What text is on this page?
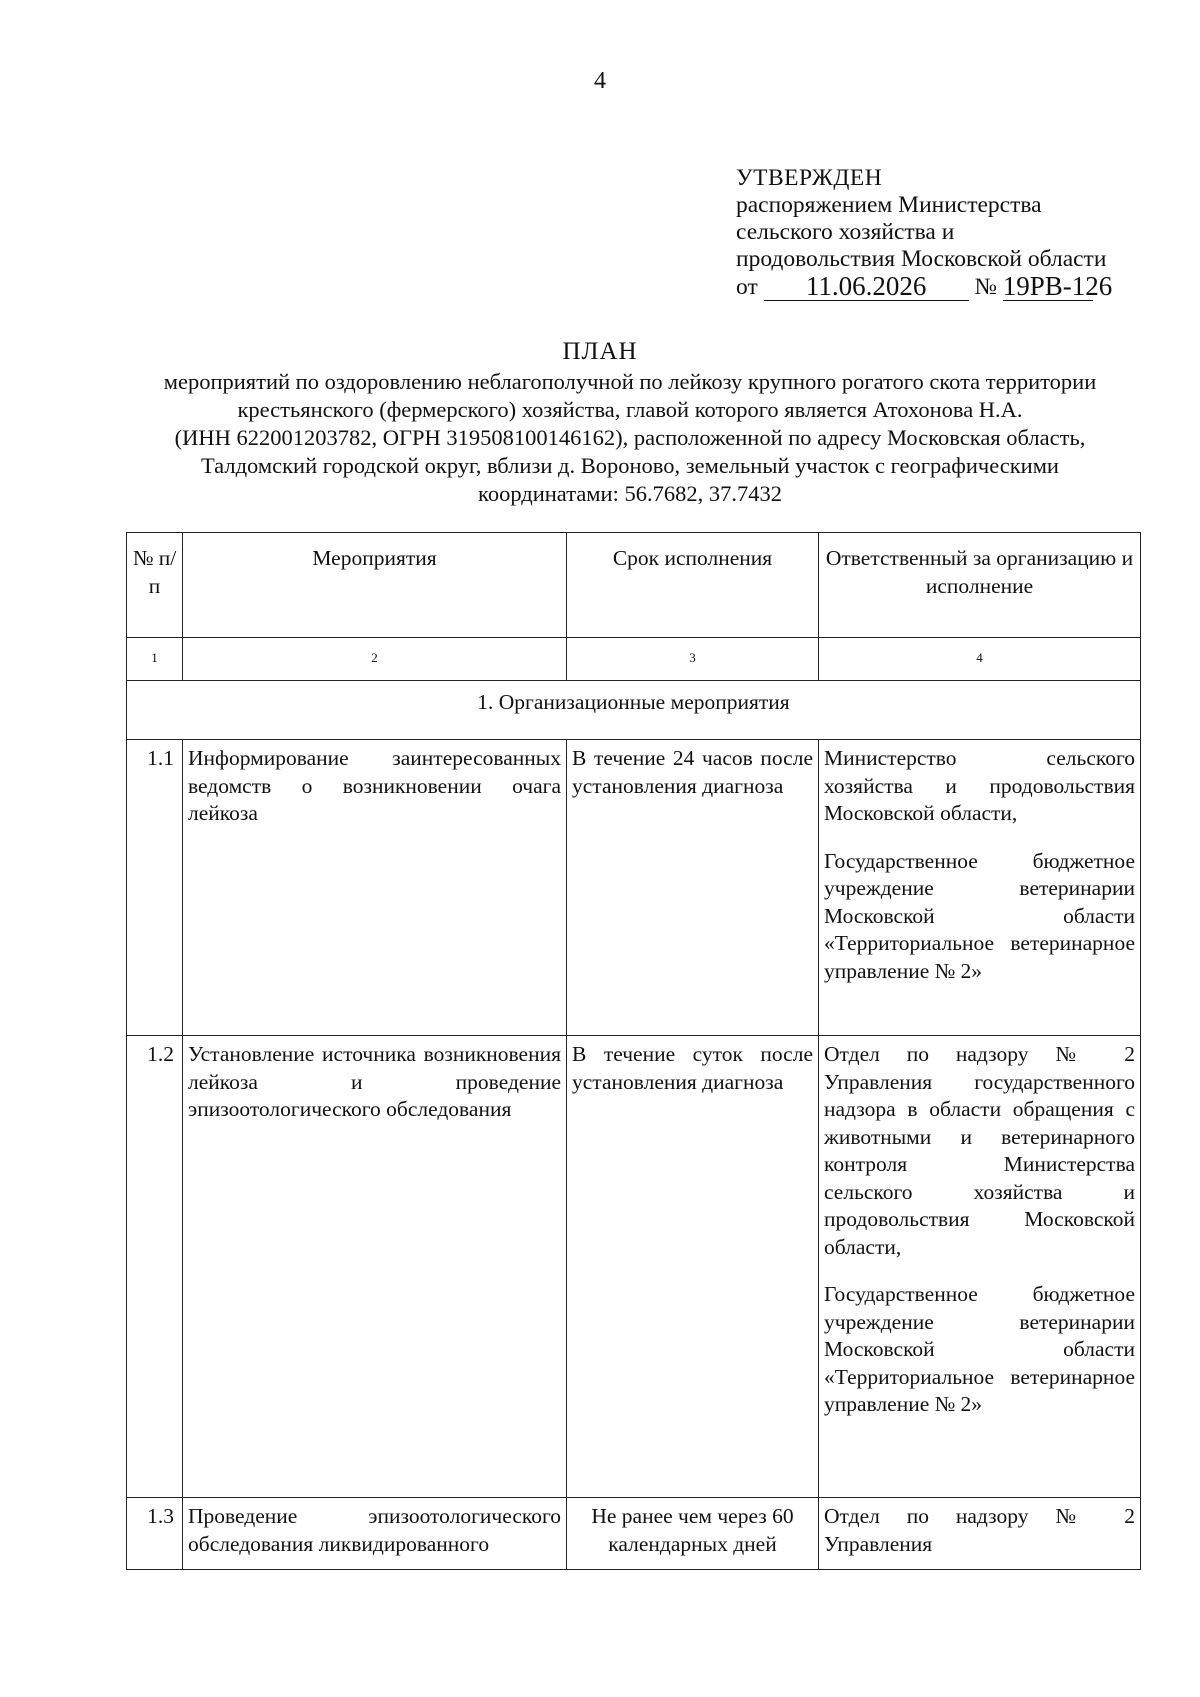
4
УТВЕРЖДЕН
распоряжением Министерства
сельского хозяйства и
продовольствия Московской области
от 11.06.2026 № 19РВ-126
ПЛАН
мероприятий по оздоровлению неблагополучной по лейкозу крупного рогатого скота территории
крестьянского (фермерского) хозяйства, главой которого является Атохонова Н.А.
(ИНН 622001203782, ОГРН 319508100146162), расположенной по адресу Московская область,
Талдомский городской округ, вблизи д. Вороново, земельный участок с географическими
координатами: 56.7682, 37.7432
№ п/п	Мероприятия	Срок исполнения	Ответственный за организацию и исполнение
1	2	3	4
1. Организационные мероприятия			
1.1	Информирование заинтересованных ведомств о возникновении очага лейкоза	В течение 24 часов после установления диагноза	Министерство сельского хозяйства и продовольствия Московской области,
Государственное бюджетное учреждение ветеринарии Московской области «Территориальное ветеринарное управление № 2»

1.2	Установление источника возникновения лейкоза и проведение эпизоотологического обследования	В течение суток после установления диагноза	Отдел по надзору № 2 Управления государственного надзора в области обращения с животными и ветеринарного контроля Министерства сельского хозяйства и продовольствия Московской области,
Государственное бюджетное учреждение ветеринарии Московской области «Территориальное ветеринарное управление № 2»

1.3	Проведение эпизоотологического обследования ликвидированного	Не ранее чем через 60 календарных дней	Отдел по надзору № 2 Управления
